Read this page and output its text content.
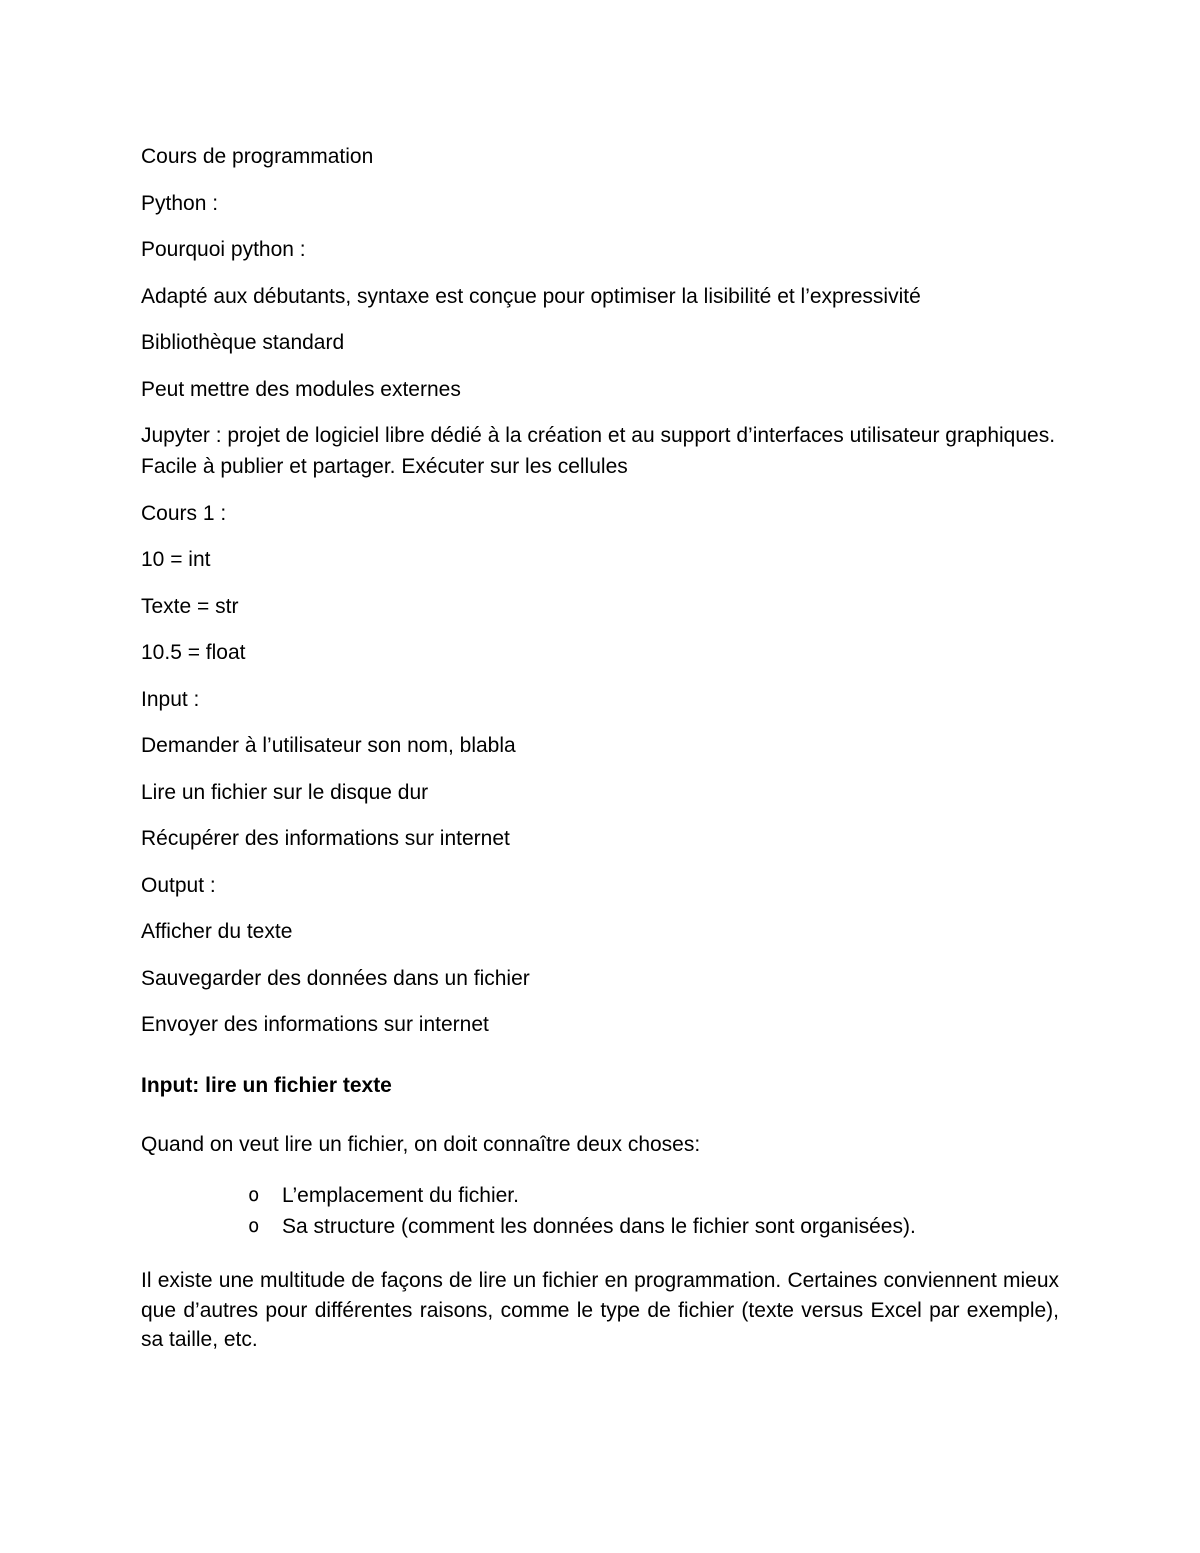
Cours de programmation

Python :

Pourquoi python :

Adapté aux débutants, syntaxe est conçue pour optimiser la lisibilité et l’expressivité

Bibliothèque standard

Peut mettre des modules externes

Jupyter : projet de logiciel libre dédié à la création et au support d’interfaces utilisateur graphiques. Facile à publier et partager. Exécuter sur les cellules

Cours 1 :

10 = int

Texte = str

10.5 = float

Input :

Demander à l’utilisateur son nom, blabla

Lire un fichier sur le disque dur

Récupérer des informations sur internet

Output :

Afficher du texte

Sauvegarder des données dans un fichier

Envoyer des informations sur internet

Input: lire un fichier texte

Quand on veut lire un fichier, on doit connaître deux choses:

o L’emplacement du fichier.
o Sa structure (comment les données dans le fichier sont organisées).

Il existe une multitude de façons de lire un fichier en programmation. Certaines conviennent mieux que d’autres pour différentes raisons, comme le type de fichier (texte versus Excel par exemple), sa taille, etc.
